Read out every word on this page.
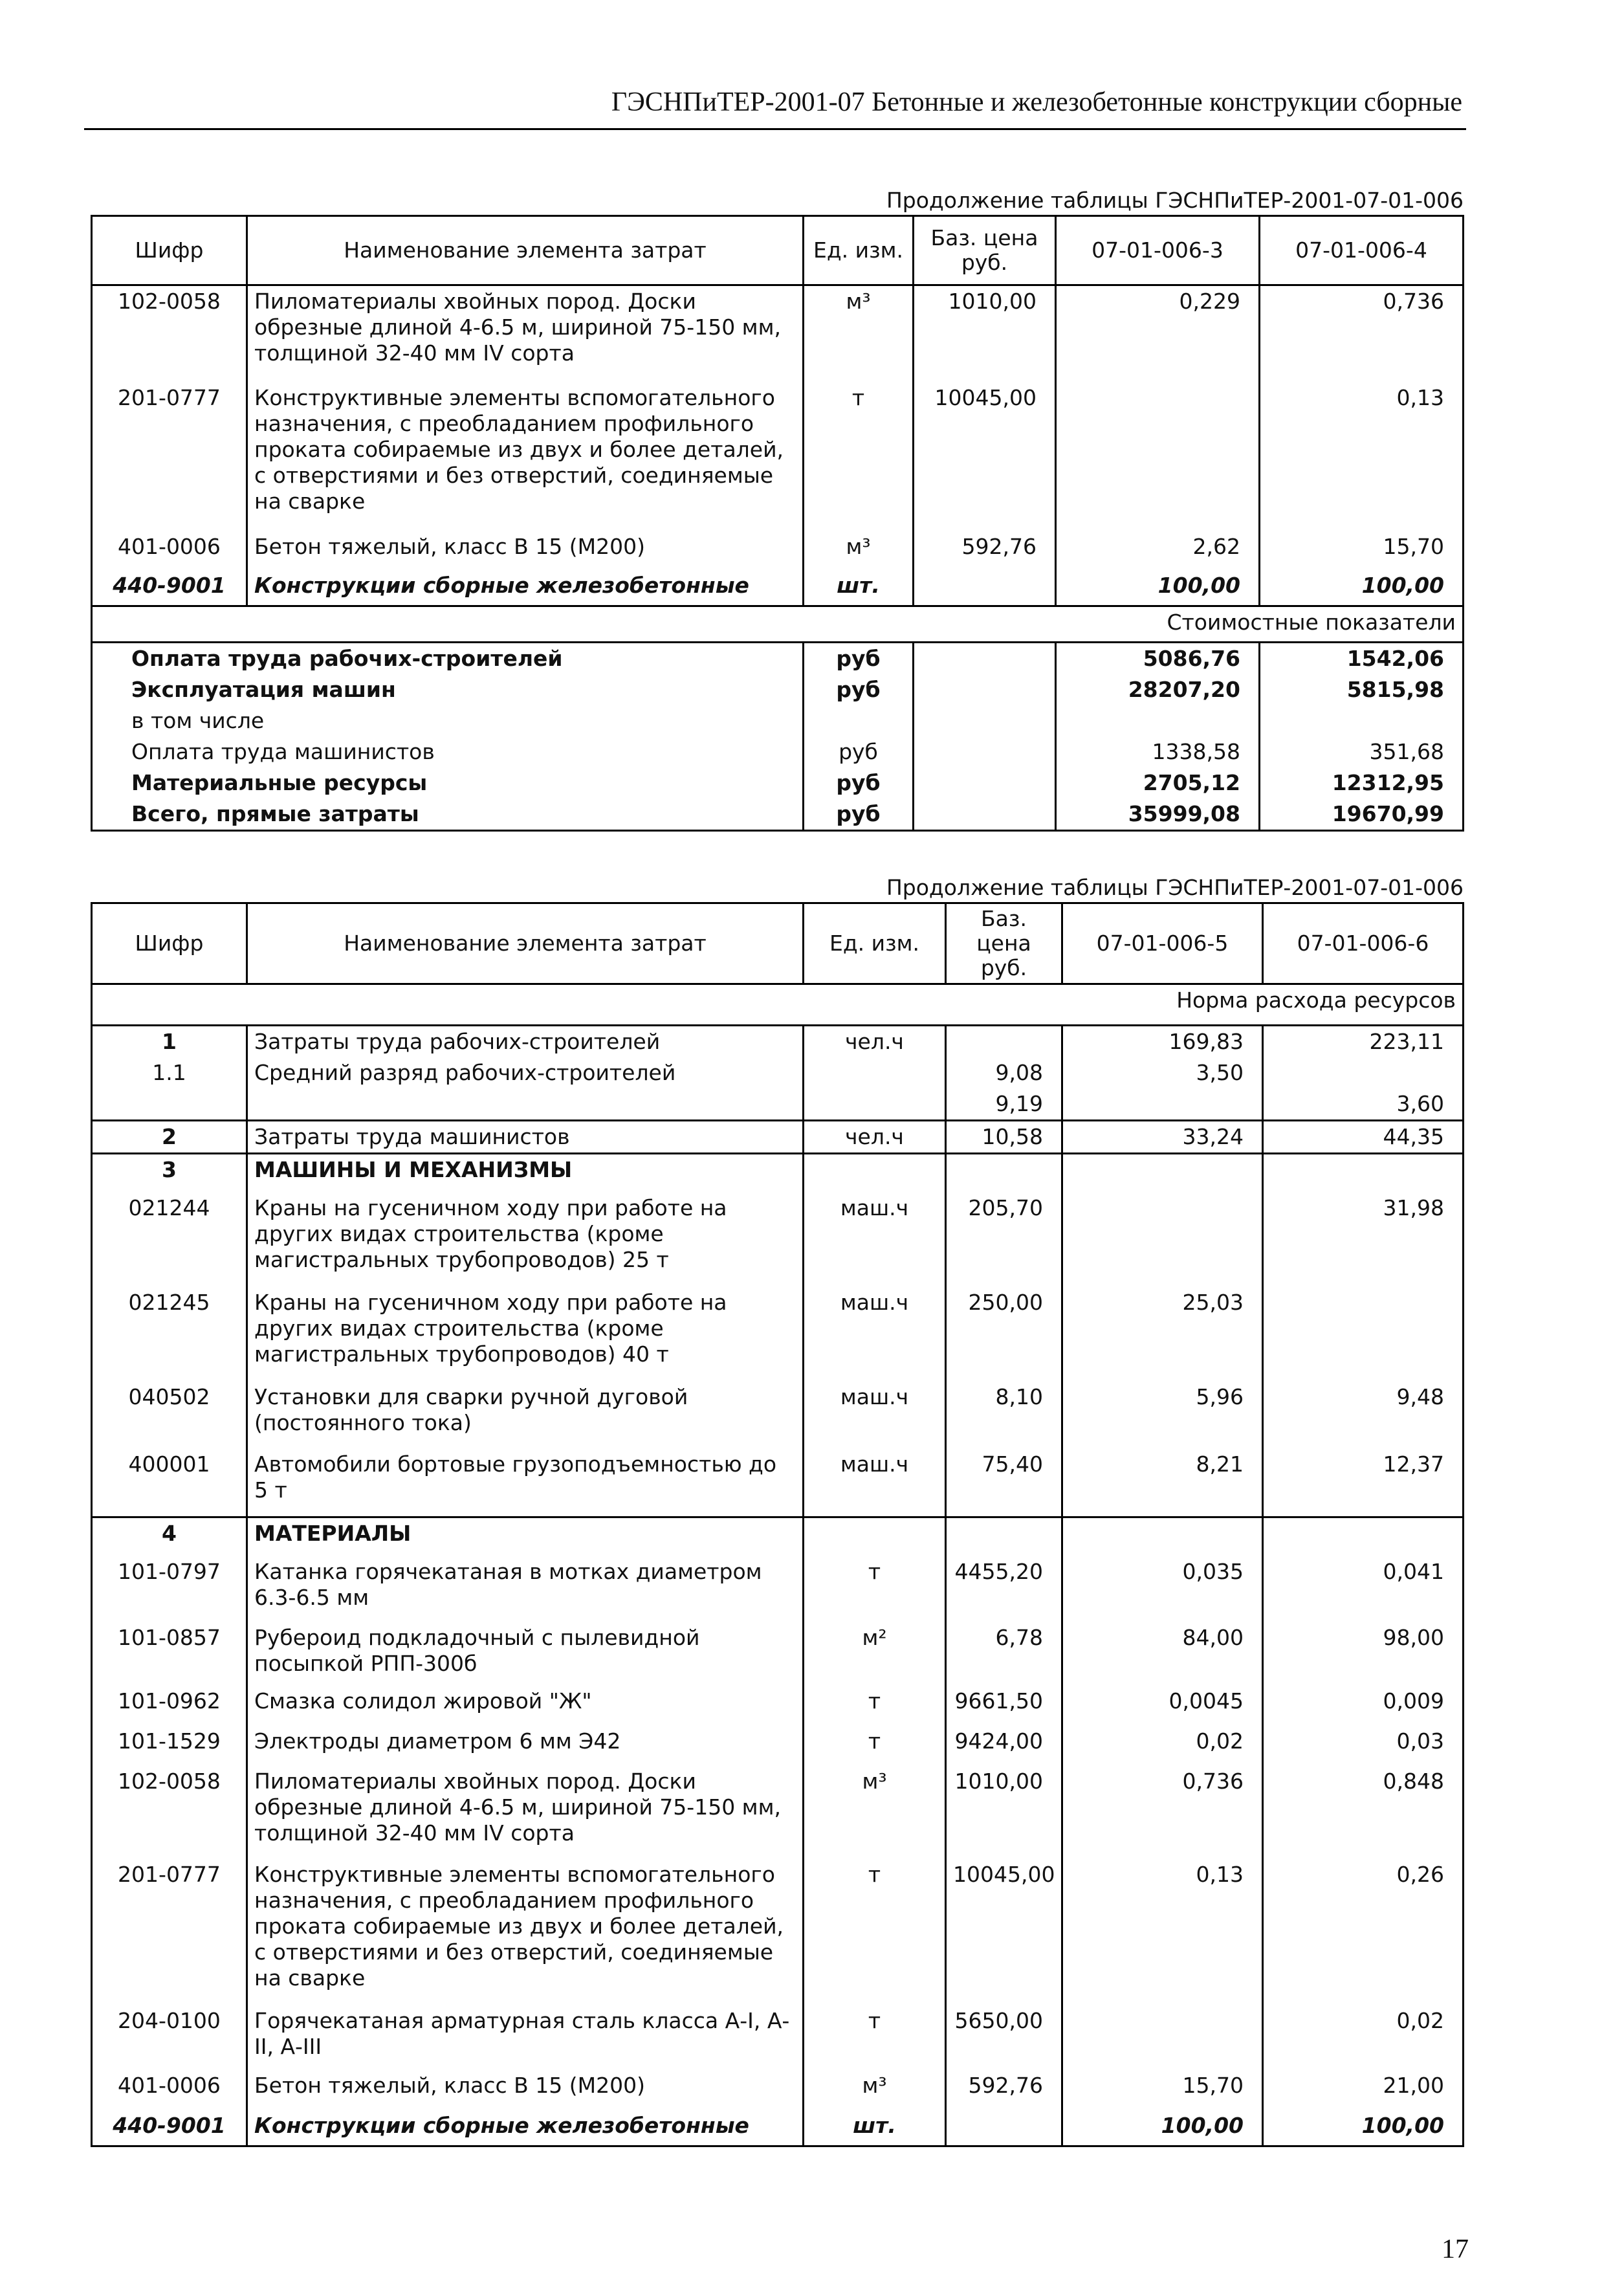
ГЭСНПиТЕР-2001-07 Бетонные и железобетонные конструкции сборные
Продолжение таблицы ГЭСНПиТЕР-2001-07-01-006
Шифр	Наименование элемента затрат	Ед. изм.	Баз. цена руб.	07-01-006-3	07-01-006-4
102-0058	Пиломатериалы хвойных пород. Доски обрезные длиной 4-6.5 м, шириной 75-150 мм, толщиной 32-40 мм IV сорта	м³	1010,00	0,229	0,736
201-0777	Конструктивные элементы вспомогательного назначения, с преобладанием профильного проката собираемые из двух и более деталей, с отверстиями и без отверстий, соединяемые на сварке	т	10045,00		0,13
401-0006	Бетон тяжелый, класс В 15 (М200)	м³	592,76	2,62	15,70
440-9001	Конструкции сборные железобетонные	шт.		100,00	100,00
Стоимостные показатели					
Оплата труда рабочих-строителей		руб		5086,76	1542,06
Эксплуатация машин		руб		28207,20	5815,98
в том числе					
Оплата труда машинистов		руб		1338,58	351,68
Материальные ресурсы		руб		2705,12	12312,95
Всего, прямые затраты		руб		35999,08	19670,99
Продолжение таблицы ГЭСНПиТЕР-2001-07-01-006
Шифр	Наименование элемента затрат	Ед. изм.	Баз. цена руб.	07-01-006-5	07-01-006-6
Норма расхода ресурсов					
1	Затраты труда рабочих-строителей	чел.ч		169,83	223,11
1.1	Средний разряд рабочих-строителей		9,08	3,50	
			9,19		3,60
2	Затраты труда машинистов	чел.ч	10,58	33,24	44,35
3	МАШИНЫ И МЕХАНИЗМЫ				
021244	Краны на гусеничном ходу при работе на других видах строительства (кроме магистральных трубопроводов) 25 т	маш.ч	205,70		31,98
021245	Краны на гусеничном ходу при работе на других видах строительства (кроме магистральных трубопроводов) 40 т	маш.ч	250,00	25,03	
040502	Установки для сварки ручной дуговой (постоянного тока)	маш.ч	8,10	5,96	9,48
400001	Автомобили бортовые грузоподъемностью до 5 т	маш.ч	75,40	8,21	12,37
4	МАТЕРИАЛЫ				
101-0797	Катанка горячекатаная в мотках диаметром 6.3-6.5 мм	т	4455,20	0,035	0,041
101-0857	Рубероид подкладочный с пылевидной посыпкой РПП-300б	м²	6,78	84,00	98,00
101-0962	Смазка солидол жировой "Ж"	т	9661,50	0,0045	0,009
101-1529	Электроды диаметром 6 мм Э42	т	9424,00	0,02	0,03
102-0058	Пиломатериалы хвойных пород. Доски обрезные длиной 4-6.5 м, шириной 75-150 мм, толщиной 32-40 мм IV сорта	м³	1010,00	0,736	0,848
201-0777	Конструктивные элементы вспомогательного назначения, с преобладанием профильного проката собираемые из двух и более деталей, с отверстиями и без отверстий, соединяемые на сварке	т	10045,00	0,13	0,26
204-0100	Горячекатаная арматурная сталь класса А-I, А-II, А-III	т	5650,00		0,02
401-0006	Бетон тяжелый, класс В 15 (М200)	м³	592,76	15,70	21,00
440-9001	Конструкции сборные железобетонные	шт.		100,00	100,00
17
